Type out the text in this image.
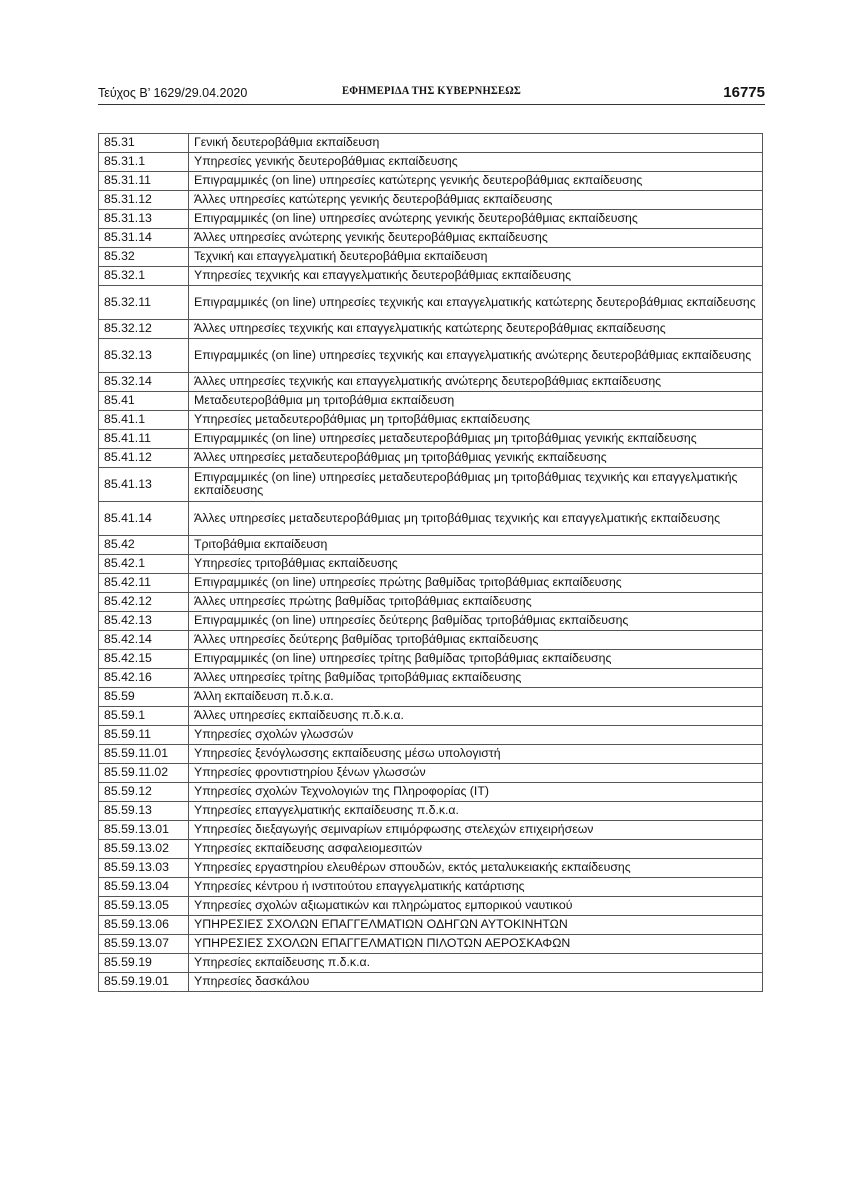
Τεύχος Β’ 1629/29.04.2020	ΕΦΗΜΕΡΙΔΑ ΤΗΣ ΚΥΒΕΡΝΗΣΕΩΣ	16775
85.31	Γενική δευτεροβάθμια εκπαίδευση
85.31.1	Υπηρεσίες γενικής δευτεροβάθμιας εκπαίδευσης
85.31.11	Επιγραμμικές (on line) υπηρεσίες κατώτερης γενικής δευτεροβάθμιας εκπαίδευσης
85.31.12	Άλλες υπηρεσίες κατώτερης γενικής δευτεροβάθμιας εκπαίδευσης
85.31.13	Επιγραμμικές (on line) υπηρεσίες ανώτερης γενικής δευτεροβάθμιας εκπαίδευσης
85.31.14	Άλλες υπηρεσίες ανώτερης γενικής δευτεροβάθμιας εκπαίδευσης
85.32	Τεχνική και επαγγελματική δευτεροβάθμια εκπαίδευση
85.32.1	Υπηρεσίες τεχνικής και επαγγελματικής δευτεροβάθμιας εκπαίδευσης
85.32.11	Επιγραμμικές (on line) υπηρεσίες τεχνικής και επαγγελματικής κατώτερης δευτεροβάθμιας εκπαίδευσης
85.32.12	Άλλες υπηρεσίες τεχνικής και επαγγελματικής κατώτερης δευτεροβάθμιας εκπαίδευσης
85.32.13	Επιγραμμικές (on line) υπηρεσίες τεχνικής και επαγγελματικής ανώτερης δευτεροβάθμιας εκπαίδευσης
85.32.14	Άλλες υπηρεσίες τεχνικής και επαγγελματικής ανώτερης δευτεροβάθμιας εκπαίδευσης
85.41	Μεταδευτεροβάθμια μη τριτοβάθμια εκπαίδευση
85.41.1	Υπηρεσίες μεταδευτεροβάθμιας μη τριτοβάθμιας εκπαίδευσης
85.41.11	Επιγραμμικές (on line) υπηρεσίες μεταδευτεροβάθμιας μη τριτοβάθμιας γενικής εκπαίδευσης
85.41.12	Άλλες υπηρεσίες μεταδευτεροβάθμιας μη τριτοβάθμιας γενικής εκπαίδευσης
85.41.13	Επιγραμμικές (on line) υπηρεσίες μεταδευτεροβάθμιας μη τριτοβάθμιας τεχνικής και επαγγελματικής εκπαίδευσης
85.41.14	Άλλες υπηρεσίες μεταδευτεροβάθμιας μη τριτοβάθμιας τεχνικής και επαγγελματικής εκπαίδευσης
85.42	Τριτοβάθμια εκπαίδευση
85.42.1	Υπηρεσίες τριτοβάθμιας εκπαίδευσης
85.42.11	Επιγραμμικές (on line) υπηρεσίες πρώτης βαθμίδας τριτοβάθμιας εκπαίδευσης
85.42.12	Άλλες υπηρεσίες πρώτης βαθμίδας τριτοβάθμιας εκπαίδευσης
85.42.13	Επιγραμμικές (on line) υπηρεσίες δεύτερης βαθμίδας τριτοβάθμιας εκπαίδευσης
85.42.14	Άλλες υπηρεσίες δεύτερης βαθμίδας τριτοβάθμιας εκπαίδευσης
85.42.15	Επιγραμμικές (on line) υπηρεσίες τρίτης βαθμίδας τριτοβάθμιας εκπαίδευσης
85.42.16	Άλλες υπηρεσίες τρίτης βαθμίδας τριτοβάθμιας εκπαίδευσης
85.59	Άλλη εκπαίδευση π.δ.κ.α.
85.59.1	Άλλες υπηρεσίες εκπαίδευσης π.δ.κ.α.
85.59.11	Υπηρεσίες σχολών γλωσσών
85.59.11.01	Υπηρεσίες ξενόγλωσσης εκπαίδευσης μέσω υπολογιστή
85.59.11.02	Υπηρεσίες φροντιστηρίου ξένων γλωσσών
85.59.12	Υπηρεσίες σχολών Τεχνολογιών της Πληροφορίας (IT)
85.59.13	Υπηρεσίες επαγγελματικής εκπαίδευσης π.δ.κ.α.
85.59.13.01	Υπηρεσίες διεξαγωγής σεμιναρίων επιμόρφωσης στελεχών επιχειρήσεων
85.59.13.02	Υπηρεσίες εκπαίδευσης ασφαλειομεσιτών
85.59.13.03	Υπηρεσίες εργαστηρίου ελευθέρων σπουδών, εκτός μεταλυκειακής εκπαίδευσης
85.59.13.04	Υπηρεσίες κέντρου ή ινστιτούτου επαγγελματικής κατάρτισης
85.59.13.05	Υπηρεσίες σχολών αξιωματικών και πληρώματος εμπορικού ναυτικού
85.59.13.06	ΥΠΗΡΕΣΙΕΣ ΣΧΟΛΩΝ ΕΠΑΓΓΕΛΜΑΤΙΩΝ ΟΔΗΓΩΝ ΑΥΤΟΚΙΝΗΤΩΝ
85.59.13.07	ΥΠΗΡΕΣΙΕΣ ΣΧΟΛΩΝ ΕΠΑΓΓΕΛΜΑΤΙΩΝ ΠΙΛΟΤΩΝ ΑΕΡΟΣΚΑΦΩΝ
85.59.19	Υπηρεσίες εκπαίδευσης π.δ.κ.α.
85.59.19.01	Υπηρεσίες δασκάλου
